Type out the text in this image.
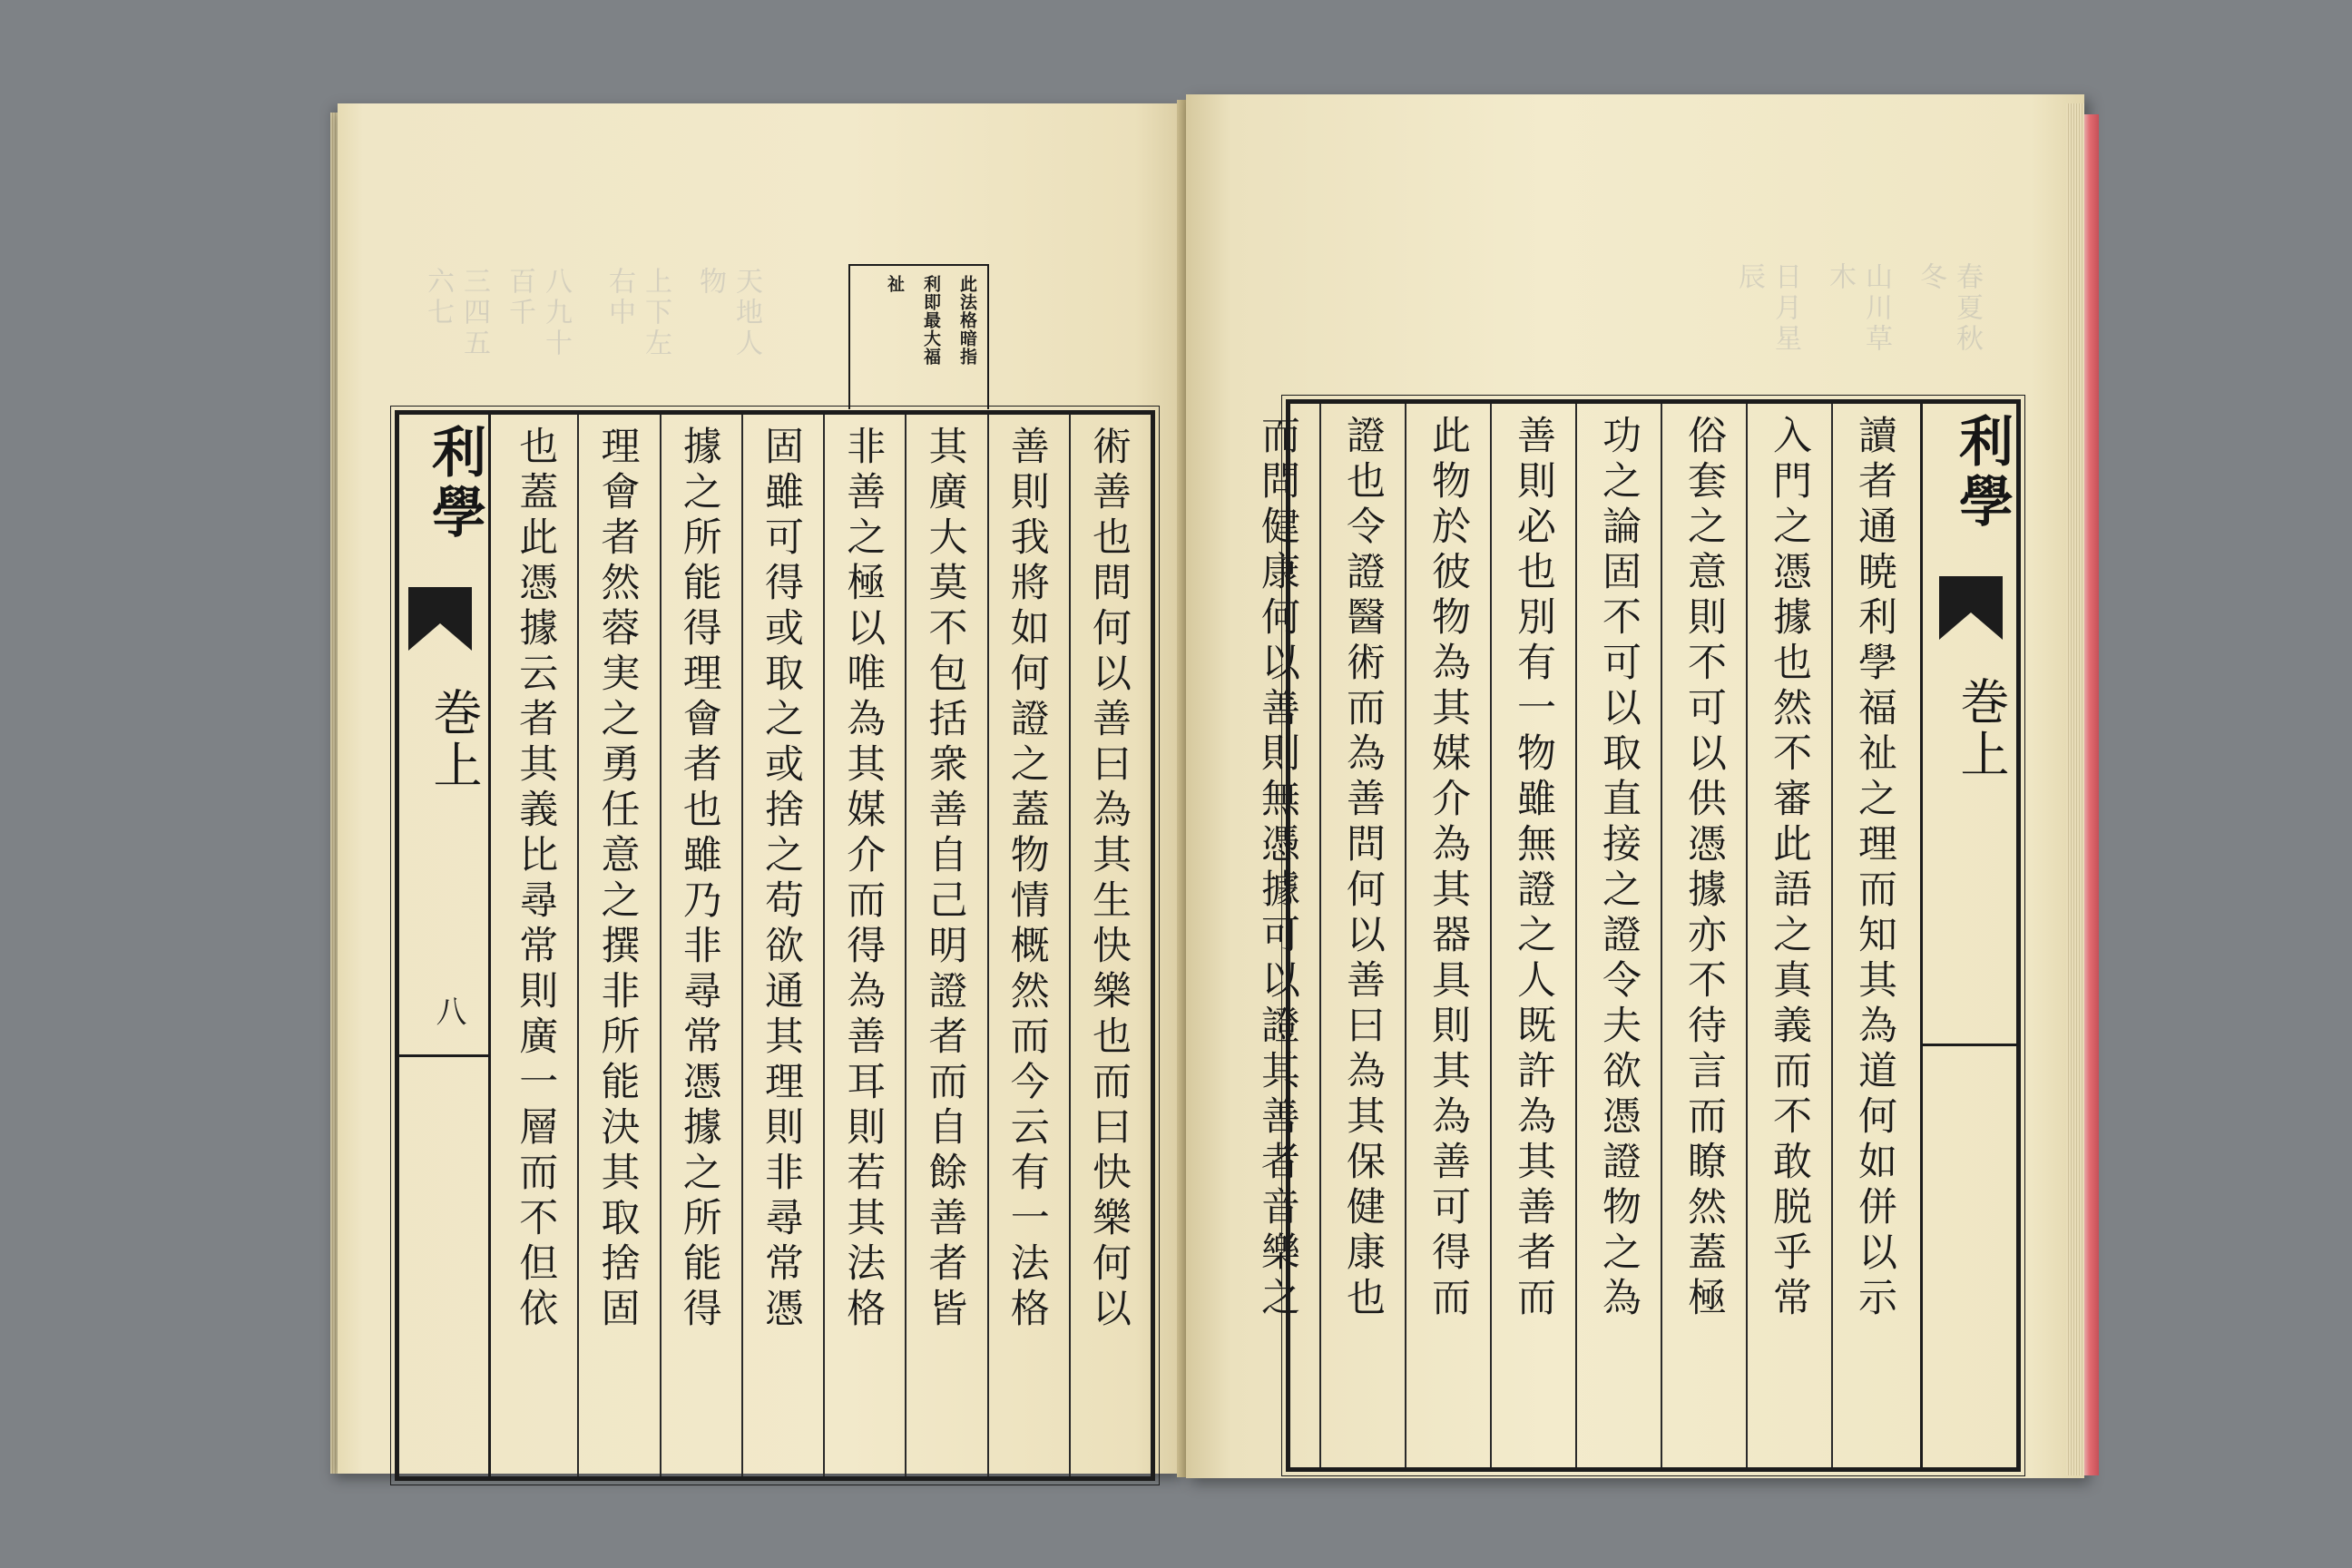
三四五六七	八九十百千	上下左右中	天地人物	此法格暗指
利即最大福
祉
利學
巻上
八	術善也問何以善曰為其生快樂也而曰快樂何以
善則我將如何證之蓋物情概然而今云有一法格
其廣大莫不包括衆善自己明證者而自餘善者皆
非善之極以唯為其媒介而得為善耳則若其法格
固雖可得或取之或捨之苟欲通其理則非尋常憑
據之所能得理會者也雖乃非尋常憑據之所能得
理會者然蓉実之勇任意之撰非所能決其取捨固
也蓋此憑據云者其義比尋常則廣一層而不但依
日月星辰	山川草木	春夏秋冬
讀者通暁利學福祉之理而知其為道何如併以示
入門之憑據也然不審此語之真義而不敢脱乎常
俗套之意則不可以供憑據亦不待言而瞭然蓋極
功之論固不可以取直接之證令夫欲憑證物之為
善則必也別有一物雖無證之人既許為其善者而
此物於彼物為其媒介為其器具則其為善可得而
證也令證醫術而為善問何以善曰為其保健康也
而問健康何以善則無憑據可以證其善者音樂之	利學
巻上
